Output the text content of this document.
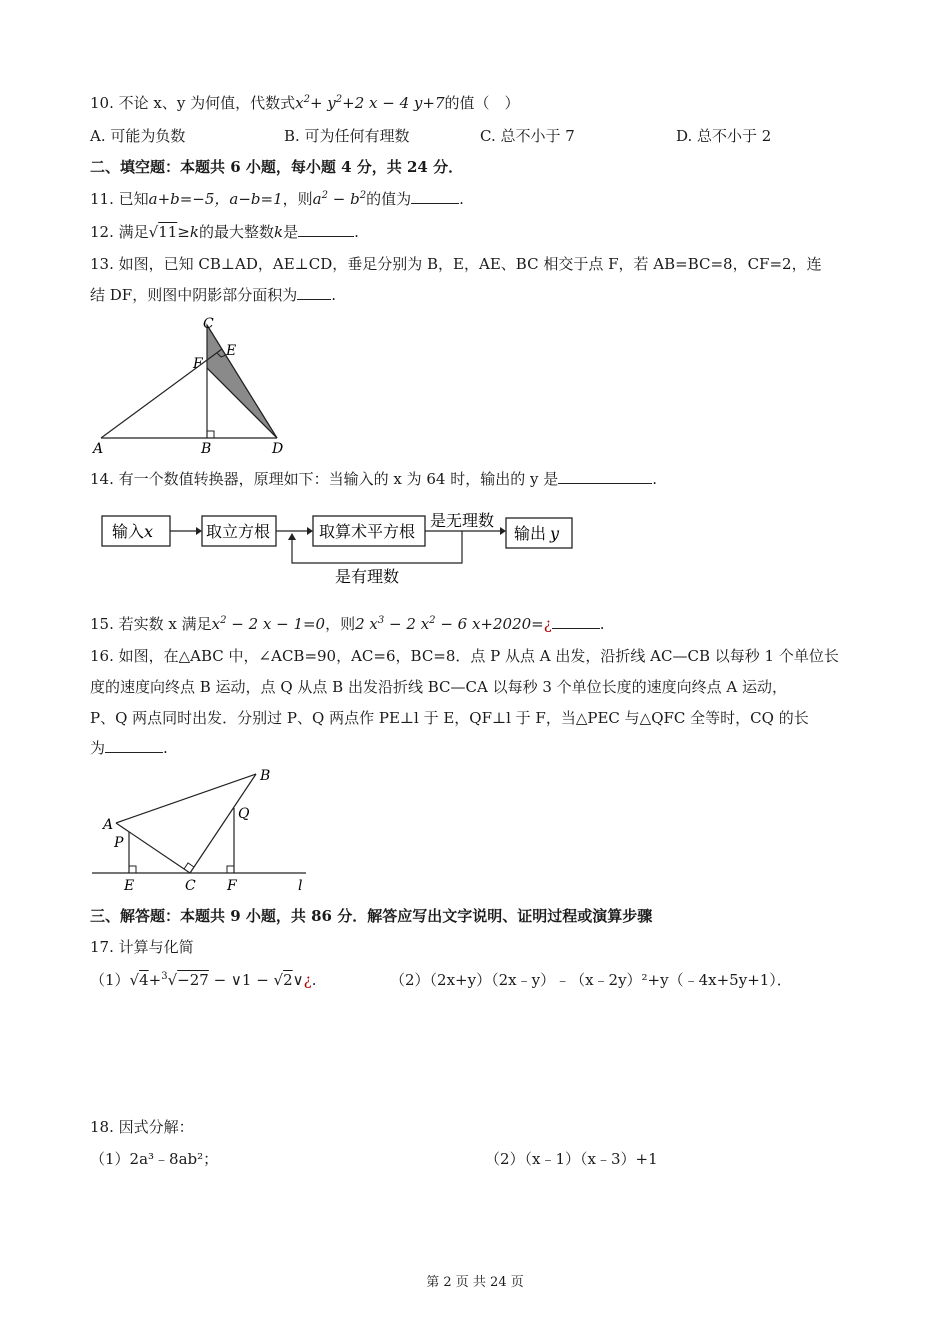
10. 不论 x、y 为何值，代数式$x^2+ y^2+2$ x − 4 y+7的值（　）
A. 可能为负数	B. 可为任何有理数	C. 总不小于 7	D. 总不小于 2
二、填空题：本题共 6 小题，每小题 4 分，共 24 分．
11. 已知a+b=−5，a−b=1，则$a^2 - b^2$的值为	.
12. 满足√11≥k的最大整数k是	.
13. 如图，已知 CB⊥AD，AE⊥CD，垂足分别为 B，E，AE、BC 相交于点 F，若 AB=BC=8，CF=2，连
结 DF，则图中阴影部分面积为 .
C
E
F
A	B	D
14. 有一个数值转换器，原理如下：当输入的 x 为 64 时，输出的 y 是	.
输入x	取立方根	取算术平方根
是无理数
输出 y
是有理数
15. 若实数 x 满足$x^2 - 2$ x − 1=0，则2 $x^3 - 2$ $x^2 - 6$ x+2020=¿	.
16. 如图，在△ABC 中，∠ACB=90，AC=6，BC=8．点 P 从点 A 出发，沿折线 AC—CB 以每秒 1 个单位长
度的速度向终点 B 运动，点 Q 从点 B 出发沿折线 BC—CA 以每秒 3 个单位长度的速度向终点 A 运动，
P、Q 两点同时出发．分别过 P、Q 两点作 PE⊥l 于 E，QF⊥l 于 F，当△PEC 与△QFC 全等时，CQ 的长
为	.
B
Q
A
P
E	C F	l
三、解答题：本题共 9 小题，共 86 分．解答应写出文字说明、证明过程或演算步骤
17. 计算与化简
（1）√4+$^3$√−27 − ∨1 − √2∨¿.	（2）（2x+y）（2x﹣y）﹣（x﹣2y）²+y（﹣4x+5y+1）．
18. 因式分解：
（1）2a³﹣8ab²；	（2）（x﹣1）（x﹣3）+1
第 2 页 共 24 页
